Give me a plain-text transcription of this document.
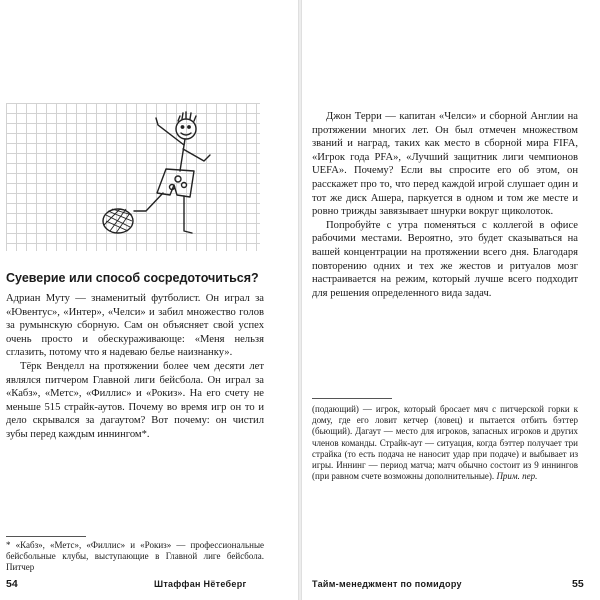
Суеверие или способ сосредоточиться?

Адриан Муту — знаменитый футболист. Он играл за «Ювентус», «Интер», «Челси» и забил множество голов за румынскую сборную. Сам он объясняет свой успех очень просто и обескураживающе: «Меня нельзя сглазить, потому что я надеваю белье наизнанку».

Тёрк Венделл на протяжении более чем десяти лет являлся питчером Главной лиги бейсбола. Он играл за «Кабз», «Метс», «Филлис» и «Рокиз». На его счету не меньше 515 страйк-аутов. Почему во время игр он то и дело скрывался за дагаутом? Вот почему: он чистил зубы перед каждым иннингом*.

* «Кабз», «Метс», «Филлис» и «Рокиз» — профессиональные бейсбольные клубы, выступающие в Главной лиге бейсбола. Питчер

54	Штаффан Нётеберг

Джон Терри — капитан «Челси» и сборной Англии на протяжении многих лет. Он был отмечен множеством званий и наград, таких как место в сборной мира FIFA, «Игрок года PFA», «Лучший защитник лиги чемпионов UEFA». Почему? Если вы спросите его об этом, он расскажет про то, что перед каждой игрой слушает один и тот же диск Ашера, паркуется в одном и том же месте и ровно трижды завязывает шнурки вокруг щиколоток.

Попробуйте с утра поменяться с коллегой в офисе рабочими местами. Вероятно, это будет сказываться на вашей концентрации на протяжении всего дня. Благодаря повторению одних и тех же жестов и ритуалов мозг настраивается на режим, который лучше всего подходит для решения определенного вида задач.

(подающий) — игрок, который бросает мяч с питчерской горки к дому, где его ловит кетчер (ловец) и пытается отбить бэттер (бьющий). Дагаут — место для игроков, запасных игроков и других членов команды. Страйк-аут — ситуация, когда бэттер получает три страйка (то есть подача не наносит удар при подаче) и выбывает из игры. Иннинг — период матча; матч обычно состоит из 9 иннингов (при равном счете возможны дополнительные). Прим. пер.

Тайм-менеджмент по помидору	55
